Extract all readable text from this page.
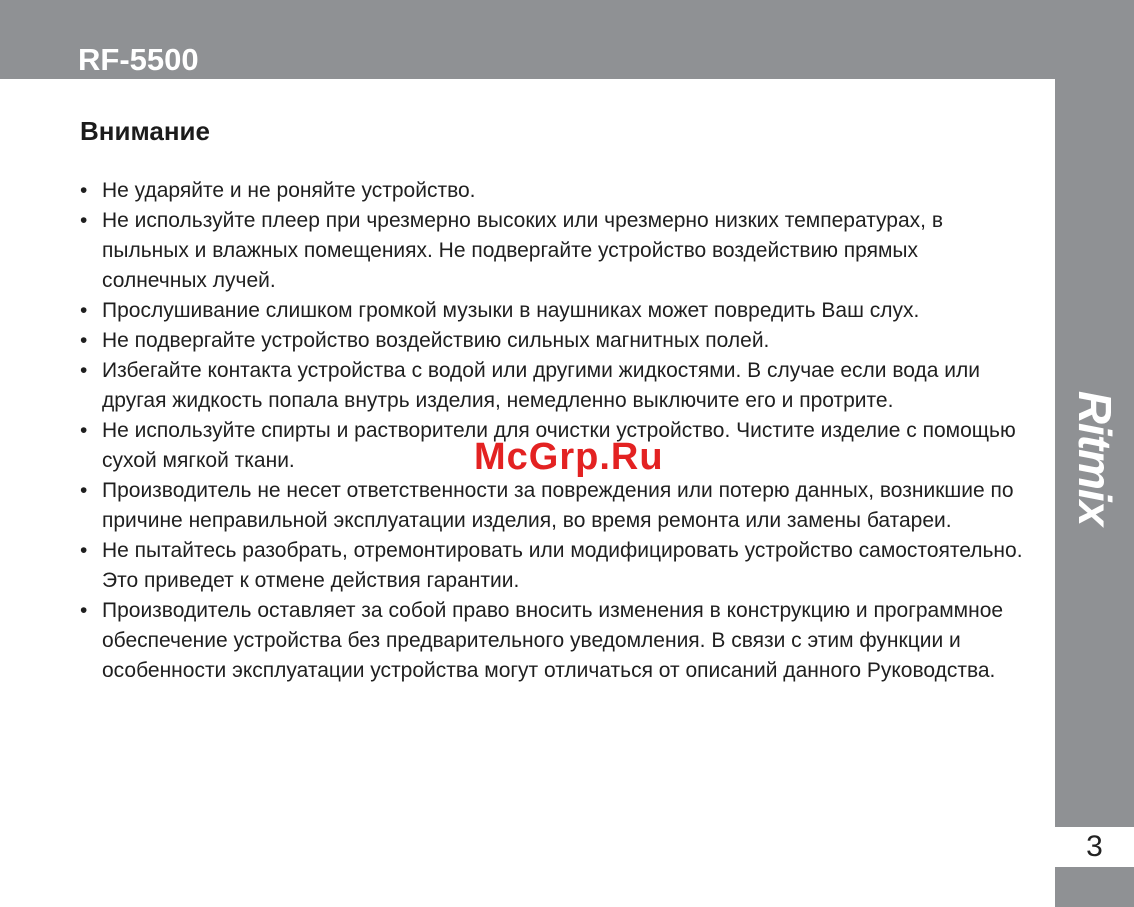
RF-5500
Внимание
• Не ударяйте и не роняйте устройство.
• Не используйте плеер при чрезмерно высоких или чрезмерно низких температурах, в пыльных и влажных помещениях. Не подвергайте устройство воздействию прямых солнечных лучей.
• Прослушивание слишком громкой музыки в наушниках может повредить Ваш слух.
• Не подвергайте устройство воздействию сильных магнитных полей.
• Избегайте контакта устройства с водой или другими жидкостями. В случае если вода или другая жидкость попала внутрь изделия, немедленно выключите его и протрите.
• Не используйте спирты и растворители для очистки устройство. Чистите изделие с помощью сухой мягкой ткани.
• Производитель не несет ответственности за повреждения или потерю данных, возникшие по причине неправильной эксплуатации изделия, во время ремонта или замены батареи.
• Не пытайтесь разобрать, отремонтировать или модифицировать устройство самостоятельно. Это приведет к отмене действия гарантии.
• Производитель оставляет за собой право вносить изменения в конструкцию и программное обеспечение устройства без предварительного уведомления. В связи с этим функции и особенности эксплуатации устройства могут отличаться от описаний данного Руководства.
Ritmix
3
McGrp.Ru
